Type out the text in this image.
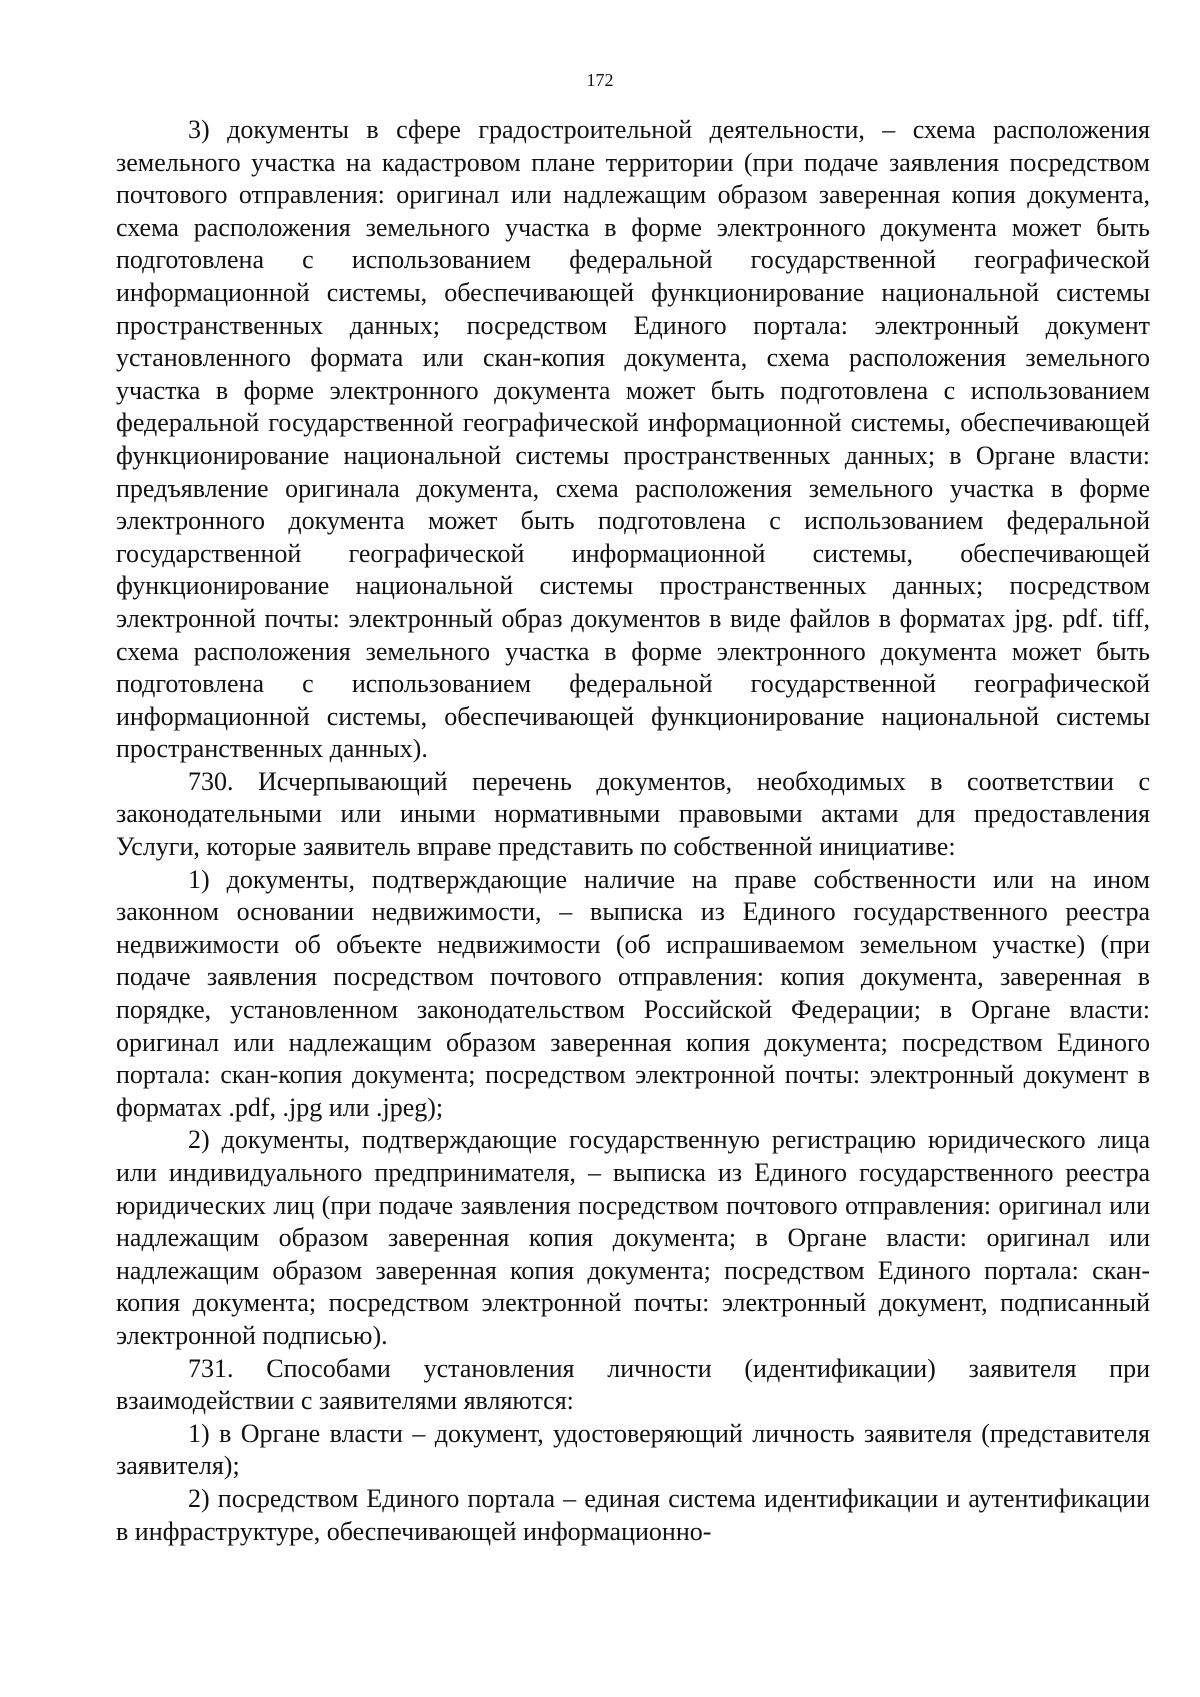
172

3) документы в сфере градостроительной деятельности, – схема расположения земельного участка на кадастровом плане территории (при подаче заявления посредством почтового отправления: оригинал или надлежащим образом заверенная копия документа, схема расположения земельного участка в форме электронного документа может быть подготовлена с использованием федеральной государственной географической информационной системы, обеспечивающей функционирование национальной системы пространственных данных; посредством Единого портала: электронный документ установленного формата или скан-копия документа, схема расположения земельного участка в форме электронного документа может быть подготовлена с использованием федеральной государственной географической информационной системы, обеспечивающей функционирование национальной системы пространственных данных; в Органе власти: предъявление оригинала документа, схема расположения земельного участка в форме электронного документа может быть подготовлена с использованием федеральной государственной географической информационной системы, обеспечивающей функционирование национальной системы пространственных данных; посредством электронной почты: электронный образ документов в виде файлов в форматах jpg. pdf. tiff, схема расположения земельного участка в форме электронного документа может быть подготовлена с использованием федеральной государственной географической информационной системы, обеспечивающей функционирование национальной системы пространственных данных).

730. Исчерпывающий перечень документов, необходимых в соответствии с законодательными или иными нормативными правовыми актами для предоставления Услуги, которые заявитель вправе представить по собственной инициативе:

1) документы, подтверждающие наличие на праве собственности или на ином законном основании недвижимости, – выписка из Единого государственного реестра недвижимости об объекте недвижимости (об испрашиваемом земельном участке) (при подаче заявления посредством почтового отправления: копия документа, заверенная в порядке, установленном законодательством Российской Федерации; в Органе власти: оригинал или надлежащим образом заверенная копия документа; посредством Единого портала: скан-копия документа; посредством электронной почты: электронный документ в форматах .pdf, .jpg или .jpeg);

2) документы, подтверждающие государственную регистрацию юридического лица или индивидуального предпринимателя, – выписка из Единого государственного реестра юридических лиц (при подаче заявления посредством почтового отправления: оригинал или надлежащим образом заверенная копия документа; в Органе власти: оригинал или надлежащим образом заверенная копия документа; посредством Единого портала: скан-копия документа; посредством электронной почты: электронный документ, подписанный электронной подписью).

731. Способами установления личности (идентификации) заявителя при взаимодействии с заявителями являются:

1) в Органе власти – документ, удостоверяющий личность заявителя (представителя заявителя);

2) посредством Единого портала – единая система идентификации и аутентификации в инфраструктуре, обеспечивающей информационно-
